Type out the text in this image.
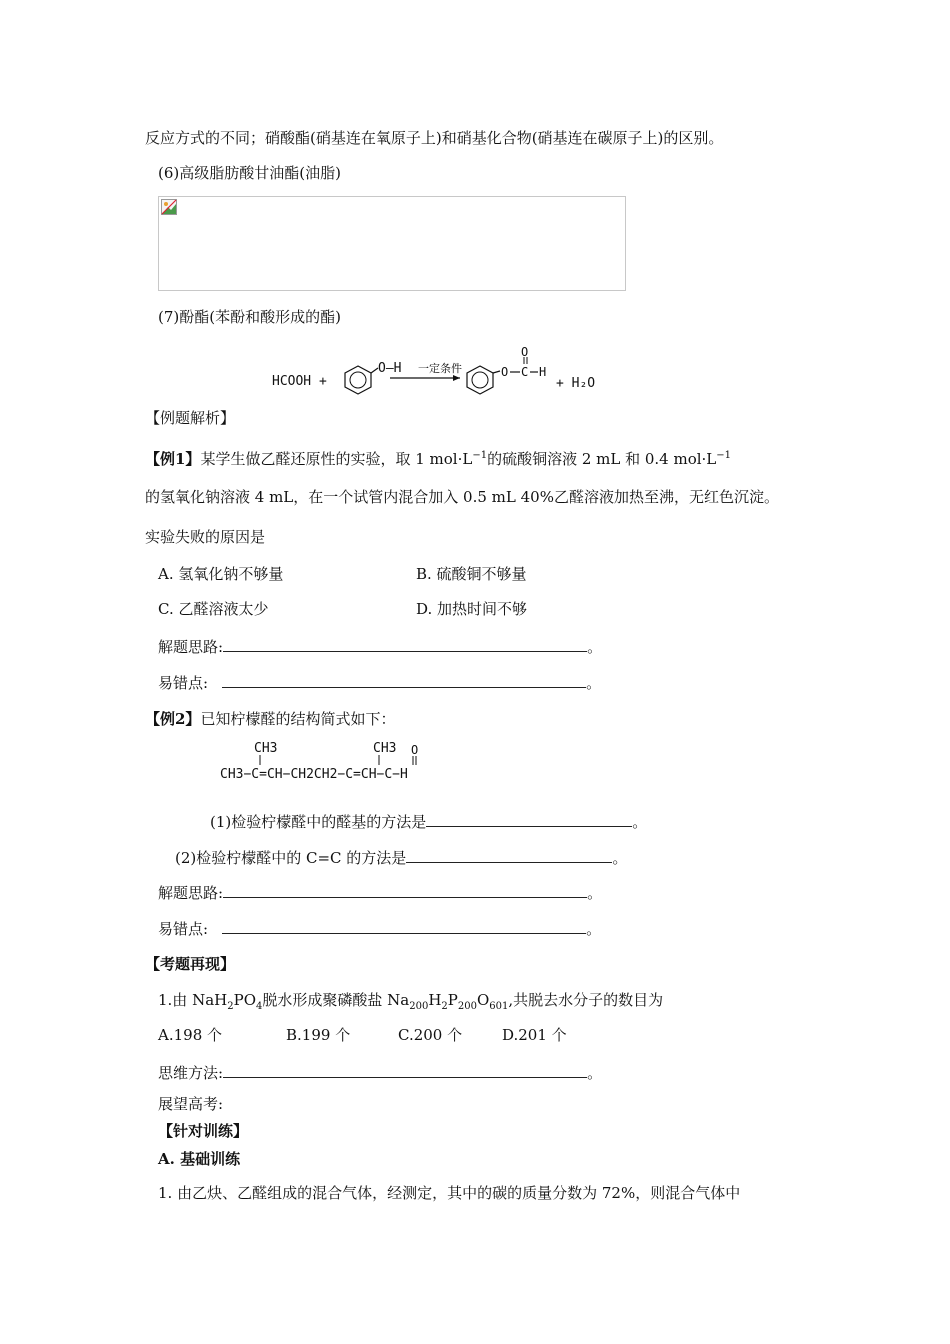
反应方式的不同；硝酸酯(硝基连在氧原子上)和硝基化合物(硝基连在碳原子上)的区别。
(6)高级脂肪酸甘油酯(油脂)
(7)酚酯(苯酚和酸形成的酯)
HCOOH +
O—H 一定条件	O C
O
H
+ H₂O
【例题解析】
【例1】某学生做乙醛还原性的实验，取 1 $mol\cdot L^{-1}$的硫酸铜溶液 2 mL 和 0.4 $mol\cdot L^{-1}$
的氢氧化钠溶液 4 mL，在一个试管内混合加入 0.5 mL 40%乙醛溶液加热至沸，无红色沉淀。
实验失败的原因是
A. 氢氧化钠不够量	B. 硫酸铜不够量
C. 乙醛溶液太少	D. 加热时间不够
解题思路:	。
易错点:	。
【例2】已知柠檬醛的结构简式如下：
CH3	CH3 O
CH3−C=CH−CH2CH2−C=CH−C−H
(1)检验柠檬醛中的醛基的方法是	。
(2)检验柠檬醛中的 C=C 的方法是	。
解题思路:	。
易错点:	。
【考题再现】
1.由 $NaH_2PO_4$脱水形成聚磷酸盐 $Na_{200}H_2P_{200}O_{601}$,共脱去水分子的数目为
A.198 个	B.199 个	C.200 个	D.201 个
思维方法:	。
展望高考:
【针对训练】
A. 基础训练
1. 由乙炔、乙醛组成的混合气体，经测定，其中的碳的质量分数为 72%，则混合气体中
